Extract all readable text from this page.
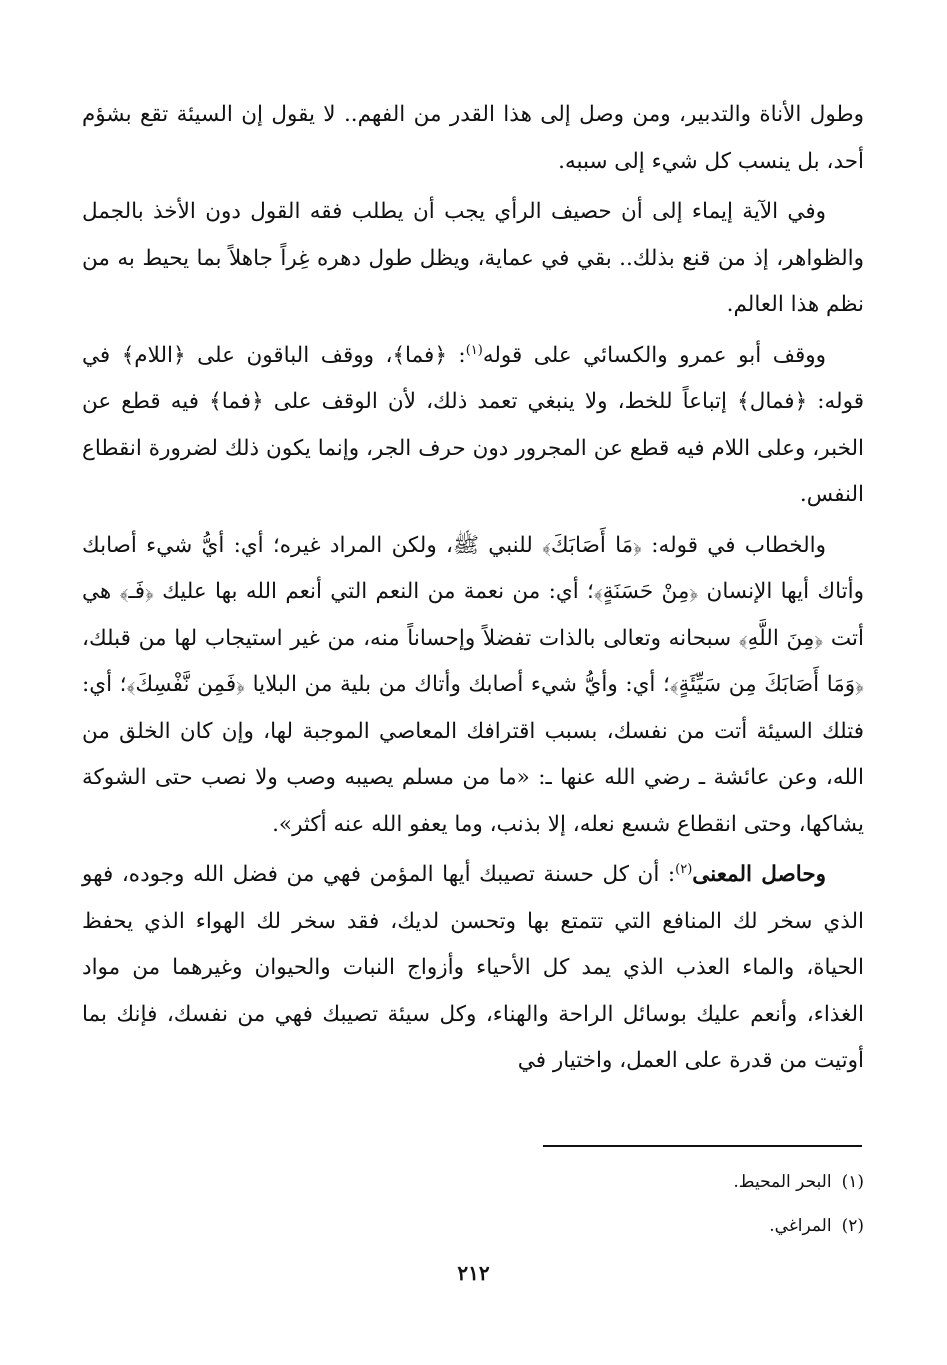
وطول الأناة والتدبير، ومن وصل إلى هذا القدر من الفهم.. لا يقول إن السيئة تقع بشؤم أحد، بل ينسب كل شيء إلى سببه.

وفي الآية إيماء إلى أن حصيف الرأي يجب أن يطلب فقه القول دون الأخذ بالجمل والظواهر، إذ من قنع بذلك.. بقي في عماية، ويظل طول دهره غِراً جاهلاً بما يحيط به من نظم هذا العالم.

ووقف أبو عمرو والكسائي على قوله$^{(١)}$: ﴿فما﴾، ووقف الباقون على ﴿اللام﴾ في قوله: ﴿فمال﴾ إتباعاً للخط، ولا ينبغي تعمد ذلك، لأن الوقف على ﴿فما﴾ فيه قطع عن الخبر، وعلى اللام فيه قطع عن المجرور دون حرف الجر، وإنما يكون ذلك لضرورة انقطاع النفس.

والخطاب في قوله: ﴿مَا أَصَابَكَ﴾ للنبي ﷺ، ولكن المراد غيره؛ أي: أيُّ شيء أصابك وأتاك أيها الإنسان ﴿مِنْ حَسَنَةٍ﴾؛ أي: من نعمة من النعم التي أنعم الله بها عليك ﴿فَـ﴾ هي أتت ﴿مِنَ اللَّهِ﴾ سبحانه وتعالى بالذات تفضلاً وإحساناً منه، من غير استيجاب لها من قبلك، ﴿وَمَا أَصَابَكَ مِن سَيِّئَةٍ﴾؛ أي: وأيُّ شيء أصابك وأتاك من بلية من البلايا ﴿فَمِن نَّفْسِكَ﴾؛ أي: فتلك السيئة أتت من نفسك، بسبب اقترافك المعاصي الموجبة لها، وإن كان الخلق من الله، وعن عائشة ـ رضي الله عنها ـ: «ما من مسلم يصيبه وصب ولا نصب حتى الشوكة يشاكها، وحتى انقطاع شسع نعله، إلا بذنب، وما يعفو الله عنه أكثر».

وحاصل المعنى$^{(٢)}$: أن كل حسنة تصيبك أيها المؤمن فهي من فضل الله وجوده، فهو الذي سخر لك المنافع التي تتمتع بها وتحسن لديك، فقد سخر لك الهواء الذي يحفظ الحياة، والماء العذب الذي يمد كل الأحياء وأزواج النبات والحيوان وغيرهما من مواد الغذاء، وأنعم عليك بوسائل الراحة والهناء، وكل سيئة تصيبك فهي من نفسك، فإنك بما أوتيت من قدرة على العمل، واختيار في

(١)البحر المحيط.

(٢)المراغي.

٢١٢
